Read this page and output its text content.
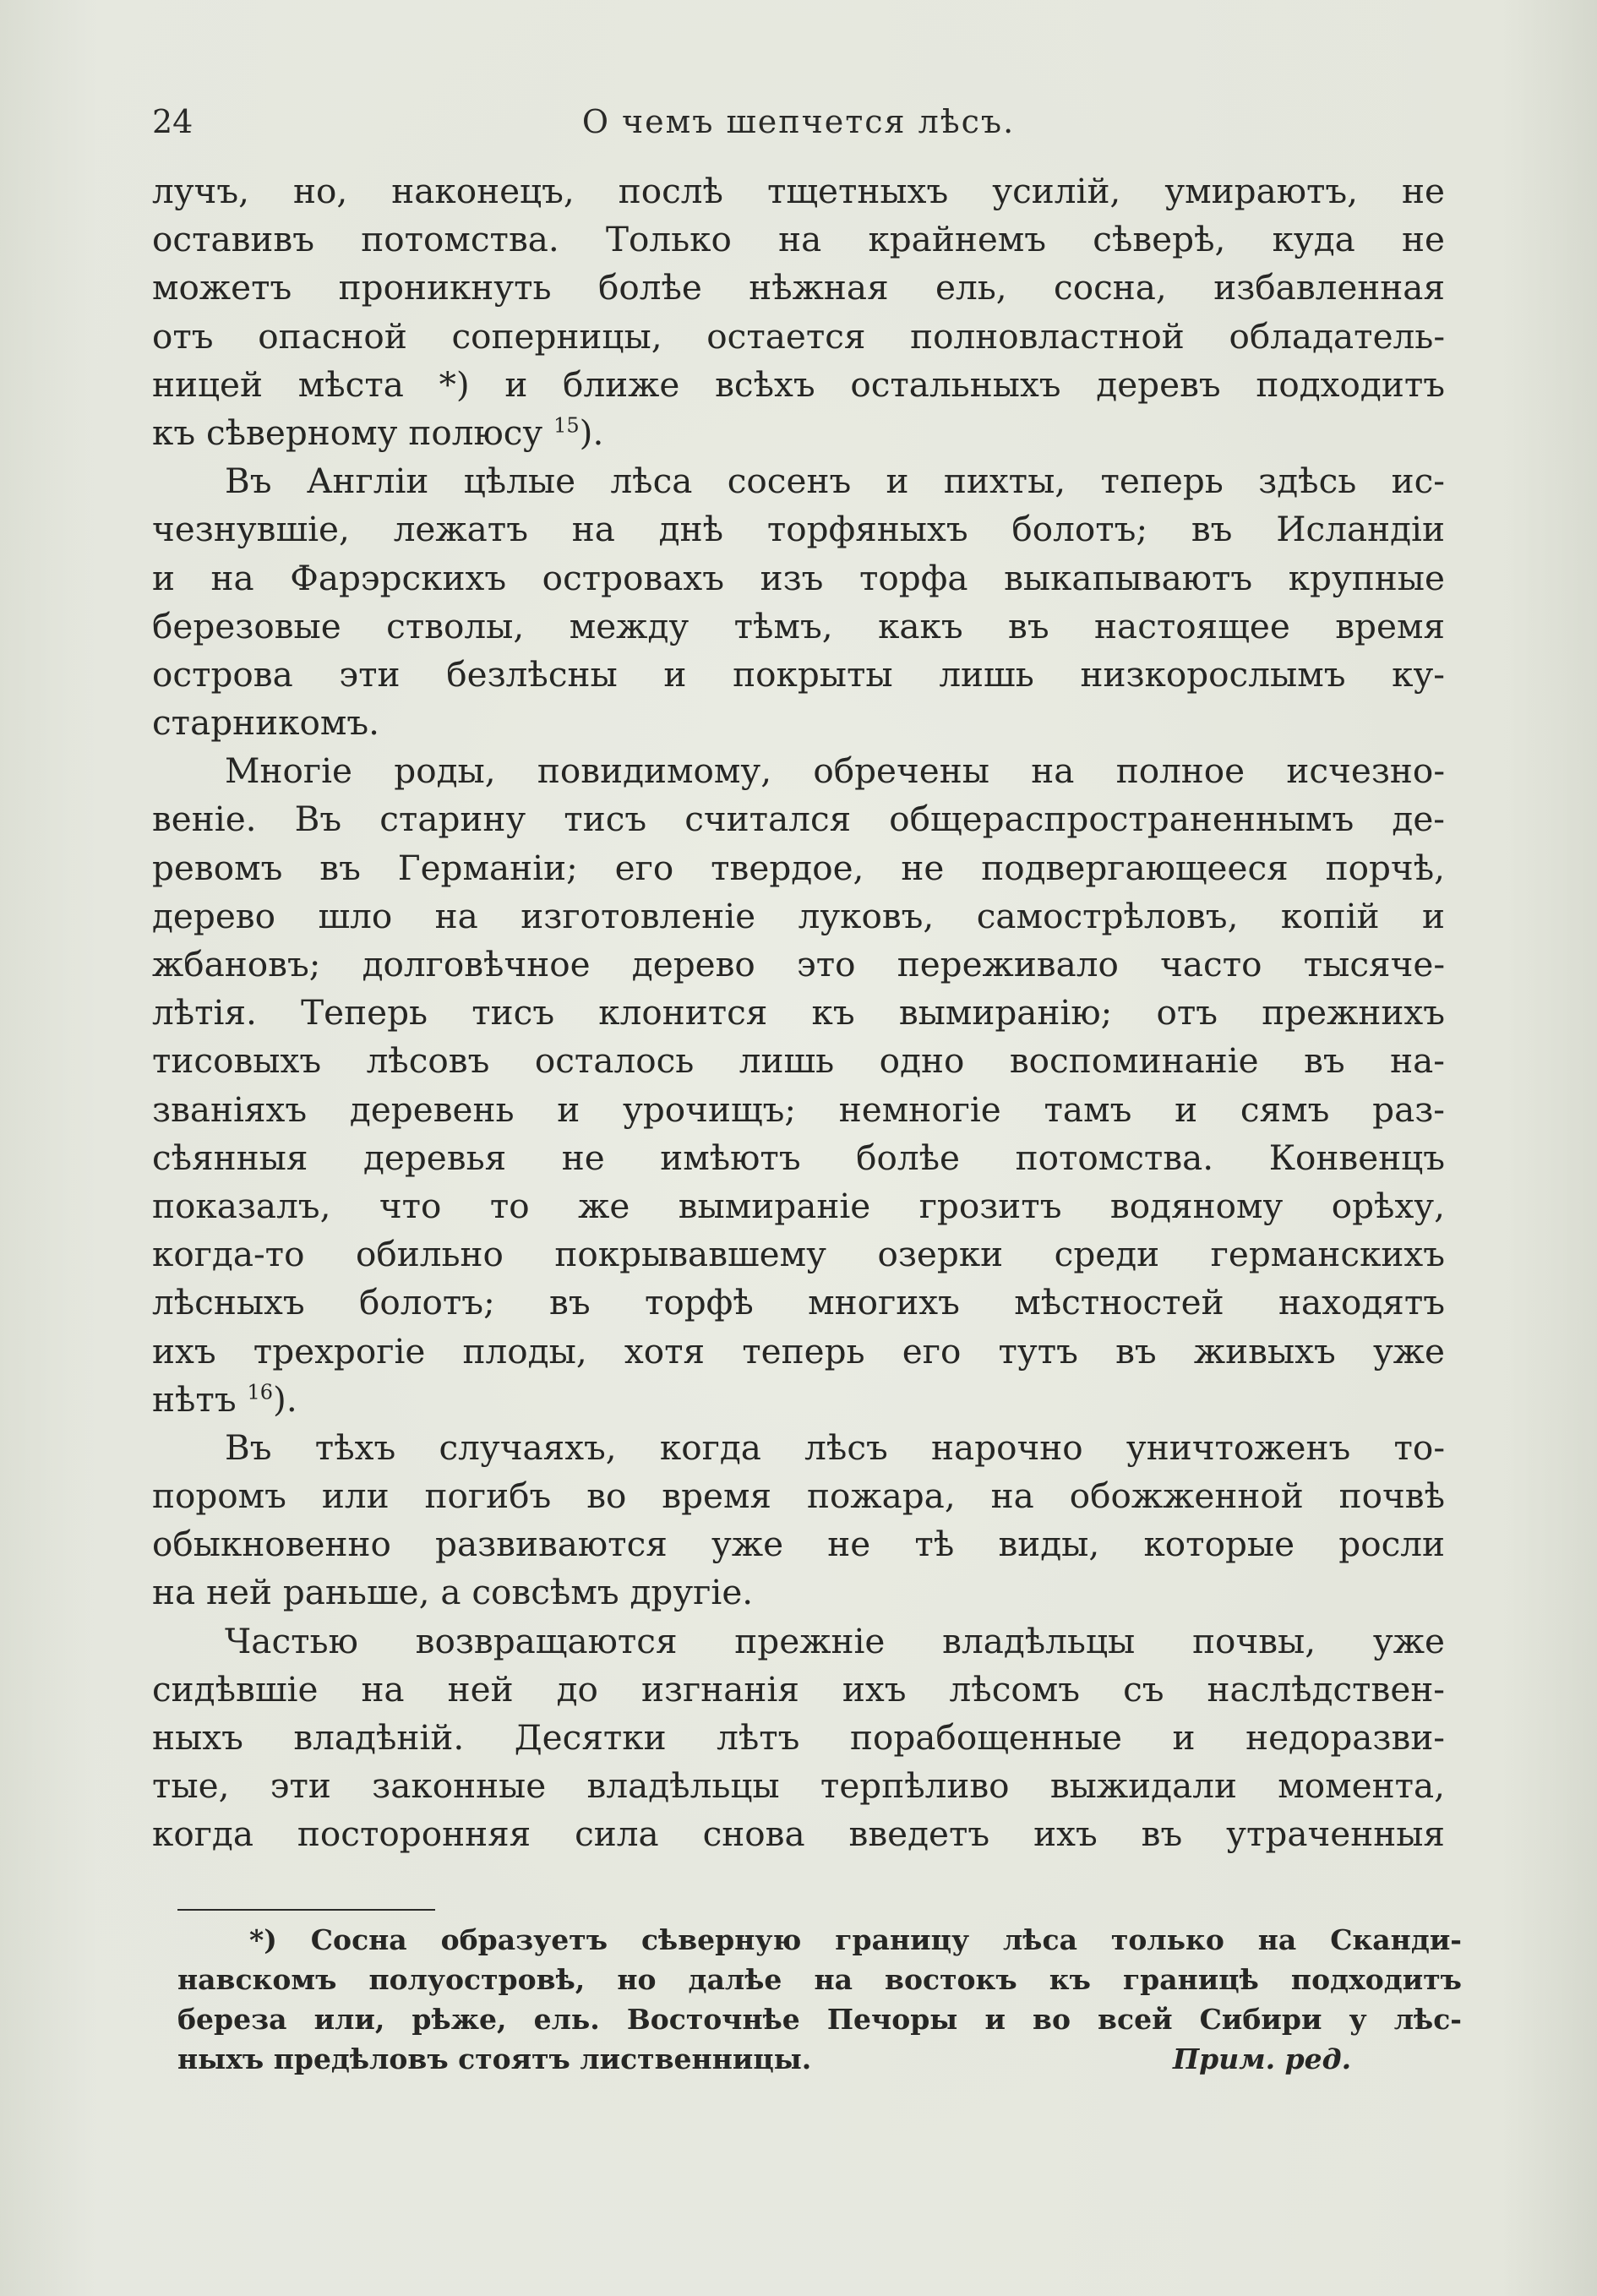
24	О чемъ шепчется лѣсъ.
лучъ, но, наконецъ, послѣ тщетныхъ усилій, умираютъ, не
оставивъ потомства. Только на крайнемъ сѣверѣ, куда не
можетъ проникнуть болѣе нѣжная ель, сосна, избавленная
отъ опасной соперницы, остается полновластной обладатель-
ницей мѣста *) и ближе всѣхъ остальныхъ деревъ подходитъ
къ сѣверному полюсу $^{15}$).
Въ Англіи цѣлые лѣса сосенъ и пихты, теперь здѣсь ис-
чезнувшіе, лежатъ на днѣ торфяныхъ болотъ; въ Исландіи
и на Фарэрскихъ островахъ изъ торфа выкапываютъ крупные
березовые стволы, между тѣмъ, какъ въ настоящее время
острова эти безлѣсны и покрыты лишь низкорослымъ ку-
старникомъ.
Многіе роды, повидимому, обречены на полное исчезно-
веніе. Въ старину тисъ считался общераспространеннымъ де-
ревомъ въ Германіи; его твердое, не подвергающееся порчѣ,
дерево шло на изготовленіе луковъ, самострѣловъ, копій и
жбановъ; долговѣчное дерево это переживало часто тысяче-
лѣтія. Теперь тисъ клонится къ вымиранію; отъ прежнихъ
тисовыхъ лѣсовъ осталось лишь одно воспоминаніе въ на-
званіяхъ деревень и урочищъ; немногіе тамъ и сямъ раз-
сѣянныя деревья не имѣютъ болѣе потомства. Конвенцъ
показалъ, что то же вымираніе грозитъ водяному орѣху,
когда-то обильно покрывавшему озерки среди германскихъ
лѣсныхъ болотъ; въ торфѣ многихъ мѣстностей находятъ
ихъ трехрогіе плоды, хотя теперь его тутъ въ живыхъ уже
нѣтъ $^{16}$).
Въ тѣхъ случаяхъ, когда лѣсъ нарочно уничтоженъ то-
поромъ или погибъ во время пожара, на обожженной почвѣ
обыкновенно развиваются уже не тѣ виды, которые росли
на ней раньше, а совсѣмъ другіе.
Частью возвращаются прежніе владѣльцы почвы, уже
сидѣвшіе на ней до изгнанія ихъ лѣсомъ съ наслѣдствен-
ныхъ владѣній. Десятки лѣтъ порабощенные и недоразви-
тые, эти законные владѣльцы терпѣливо выжидали момента,
когда посторонняя сила снова введетъ ихъ въ утраченныя
*) Сосна образуетъ сѣверную границу лѣса только на Сканди-
навскомъ полуостровѣ, но далѣе на востокъ къ границѣ подходитъ
береза или, рѣже, ель. Восточнѣе Печоры и во всей Сибири у лѣс-
ныхъ предѣловъ стоятъ лиственницы.	Прим. ред.
